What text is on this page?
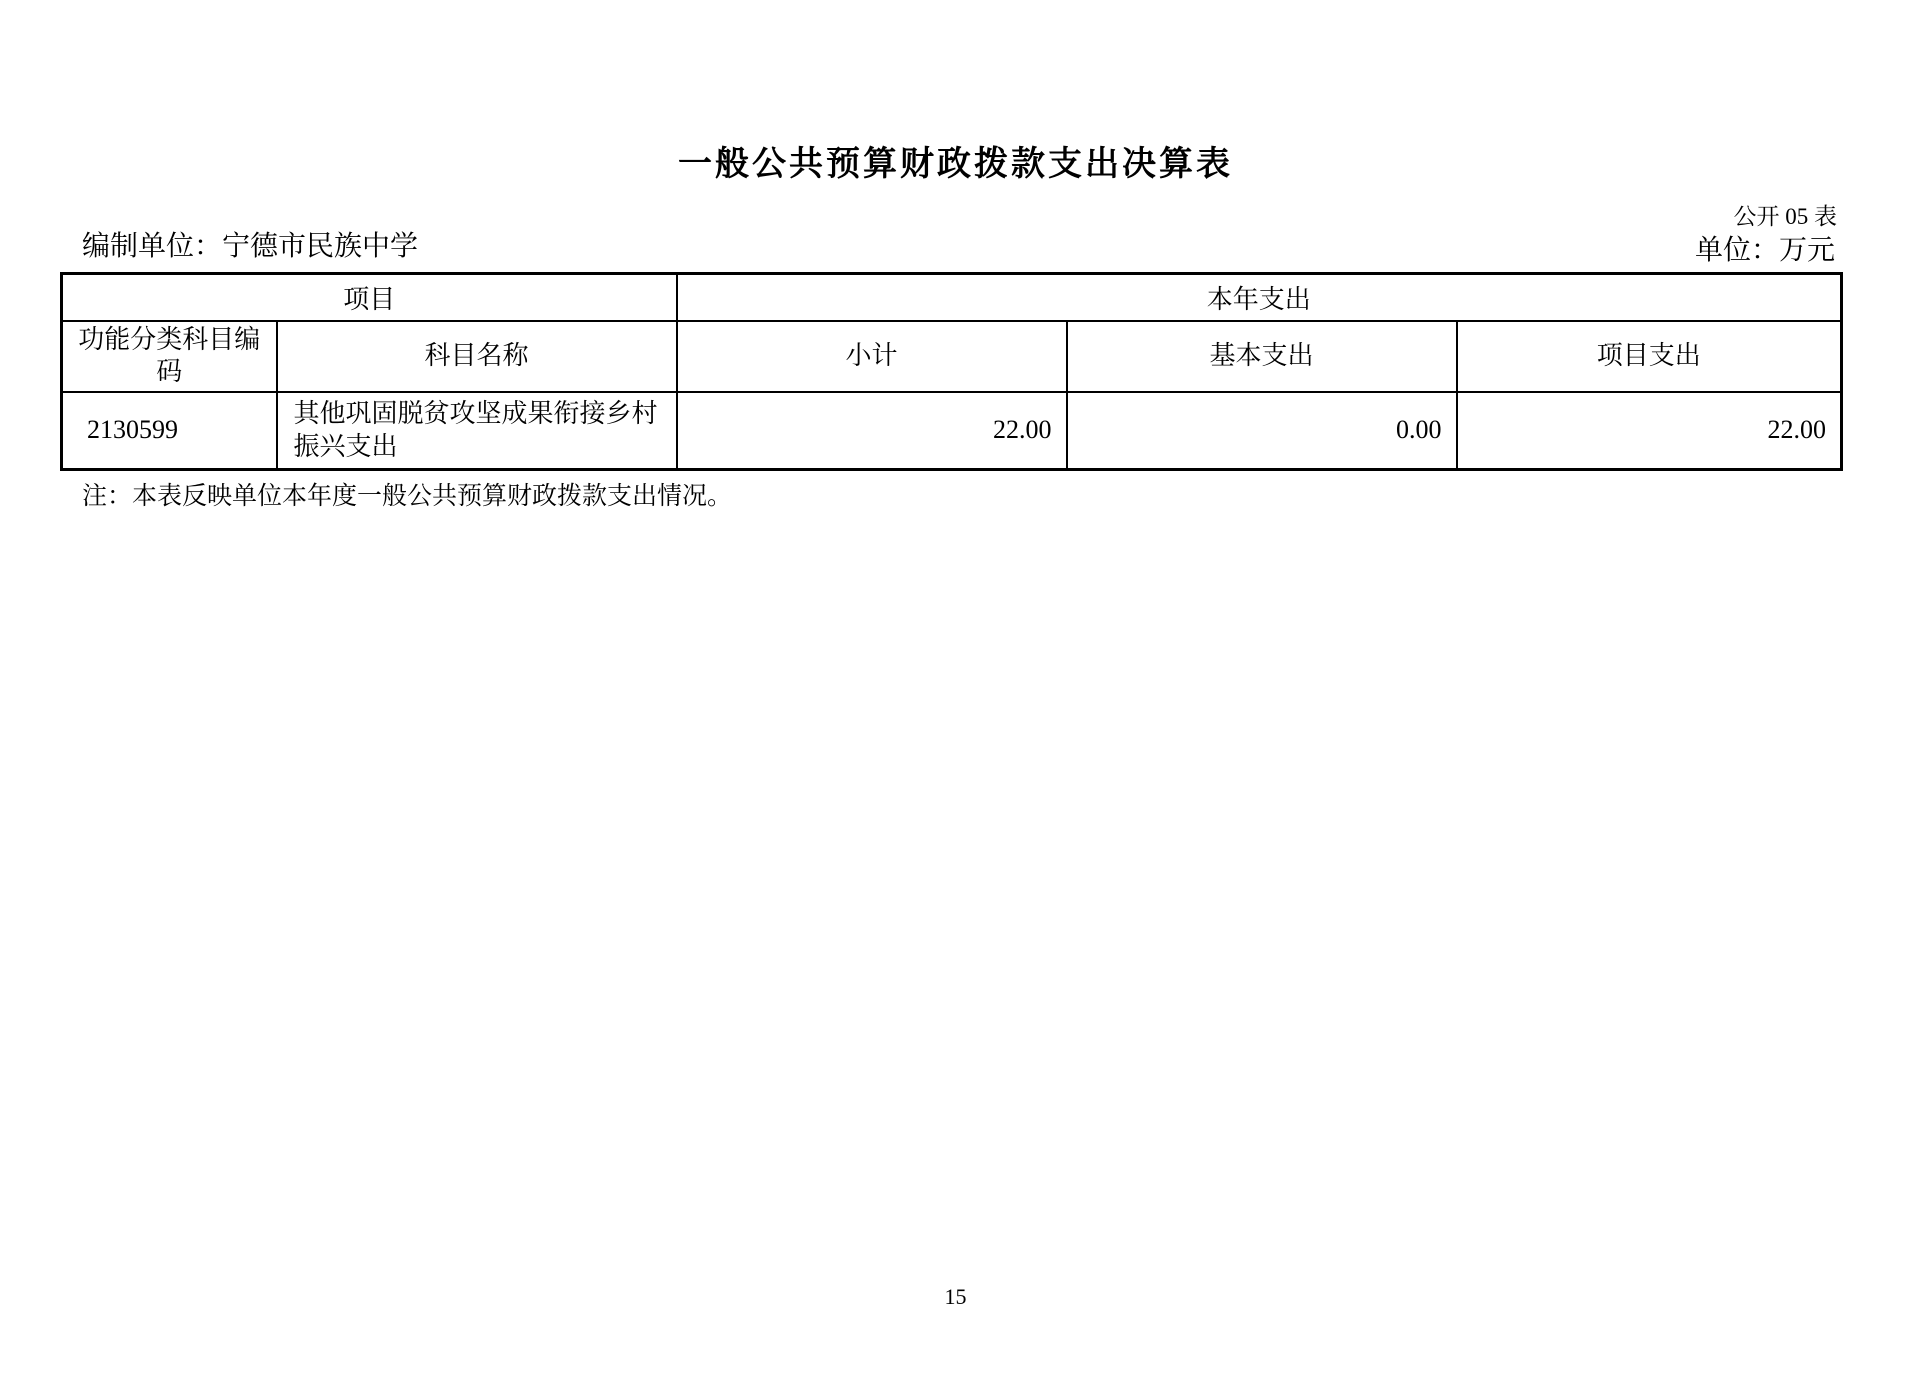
一般公共预算财政拨款支出决算表
公开 05 表
编制单位：宁德市民族中学	单位：万元
项目		本年支出		
功能分类科目编码	科目名称	小计	基本支出	项目支出
2130599	其他巩固脱贫攻坚成果衔接乡村振兴支出	22.00	0.00	22.00
注：本表反映单位本年度一般公共预算财政拨款支出情况。
15
